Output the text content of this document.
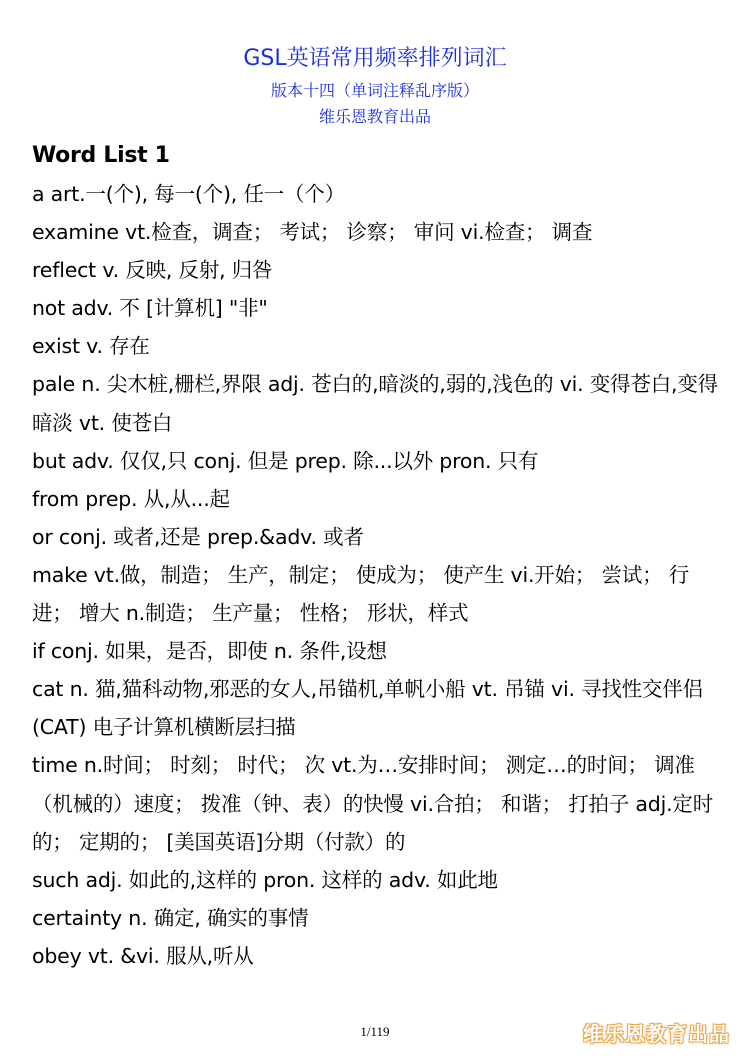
GSL英语常用频率排列词汇
版本十四（单词注释乱序版）
维乐恩教育出品
Word List 1

a art.一(个), 每一(个), 任一（个）

examine vt.检查，调查； 考试； 诊察； 审问 vi.检查； 调查

reflect v. 反映, 反射, 归咎

not adv. 不 [计算机] "非"

exist v. 存在

pale n. 尖木桩,栅栏,界限 adj. 苍白的,暗淡的,弱的,浅色的 vi. 变得苍白,变得暗淡 vt. 使苍白

but adv. 仅仅,只 conj. 但是 prep. 除...以外 pron. 只有

from prep. 从,从...起

or conj. 或者,还是 prep.&adv. 或者

make vt.做，制造； 生产，制定； 使成为； 使产生 vi.开始； 尝试； 行进； 增大 n.制造； 生产量； 性格； 形状，样式

if conj. 如果，是否，即使 n. 条件,设想

cat n. 猫,猫科动物,邪恶的女人,吊锚机,单帆小船 vt. 吊锚 vi. 寻找性交伴侣 (CAT) 电子计算机横断层扫描

time n.时间； 时刻； 时代； 次 vt.为…安排时间； 测定…的时间； 调准（机械的）速度； 拨准（钟、表）的快慢 vi.合拍； 和谐； 打拍子 adj.定时的； 定期的； [美国英语]分期（付款）的

such adj. 如此的,这样的 pron. 这样的 adv. 如此地

certainty n. 确定, 确实的事情

obey vt. &vi. 服从,听从

1/119	维乐恩教育出品
